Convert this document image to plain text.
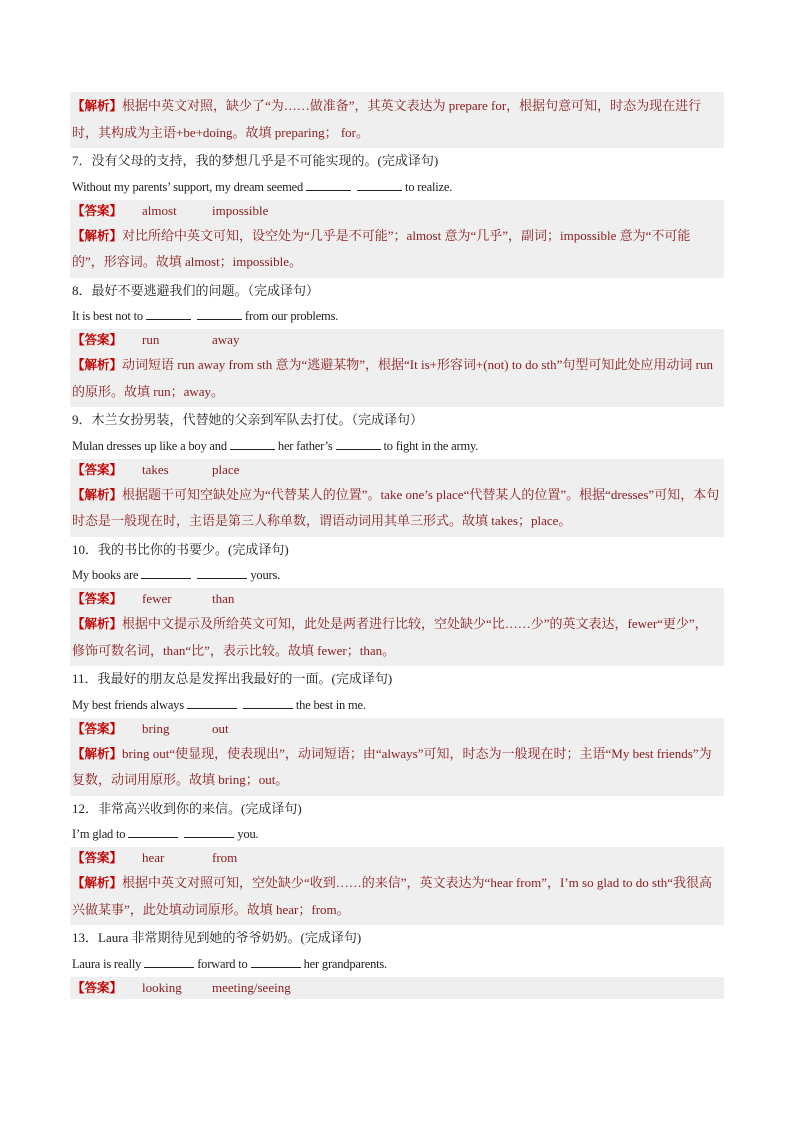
【解析】根据中英文对照，缺少了“为……做准备”，其英文表达为 prepare for，根据句意可知，时态为现在进行时，其构成为主语+be+doing。故填 preparing； for。
7．没有父母的支持，我的梦想几乎是不可能实现的。(完成译句)
Without my parents’ support, my dream seemed	to realize.
【答案】 almost	impossible
【解析】对比所给中英文可知，设空处为“几乎是不可能”；almost 意为“几乎”，副词；impossible 意为“不可能的”，形容词。故填 almost；impossible。
8．最好不要逃避我们的问题。（完成译句）
It is best not to	from our problems.
【答案】 run	away
【解析】动词短语 run away from sth 意为“逃避某物”，根据“It is+形容词+(not) to do sth”句型可知此处应用动词 run 的原形。故填 run；away。
9．木兰女扮男装，代替她的父亲到军队去打仗。（完成译句）
Mulan dresses up like a boy and	her father’s	to fight in the army.
【答案】 takes	place
【解析】根据题干可知空缺处应为“代替某人的位置”。take one’s place“代替某人的位置”。根据“dresses”可知，本句时态是一般现在时，主语是第三人称单数，谓语动词用其单三形式。故填 takes；place。
10．我的书比你的书要少。(完成译句)
My books are	yours.
【答案】 fewer	than
【解析】根据中文提示及所给英文可知，此处是两者进行比较，空处缺少“比……少”的英文表达，fewer“更少”，修饰可数名词，than“比”，表示比较。故填 fewer；than。
11．我最好的朋友总是发挥出我最好的一面。(完成译句)
My best friends always	the best in me.
【答案】 bring	out
【解析】bring out“使显现，使表现出”，动词短语；由“always”可知，时态为一般现在时；主语“My best friends”为复数，动词用原形。故填 bring；out。
12．非常高兴收到你的来信。(完成译句)
I’m glad to	you.
【答案】 hear	from
【解析】根据中英文对照可知，空处缺少“收到……的来信”，英文表达为“hear from”，I’m so glad to do sth“我很高兴做某事”，此处填动词原形。故填 hear；from。
13．Laura 非常期待见到她的爷爷奶奶。(完成译句)
Laura is really	forward to	her grandparents.
【答案】 looking meeting/seeing
